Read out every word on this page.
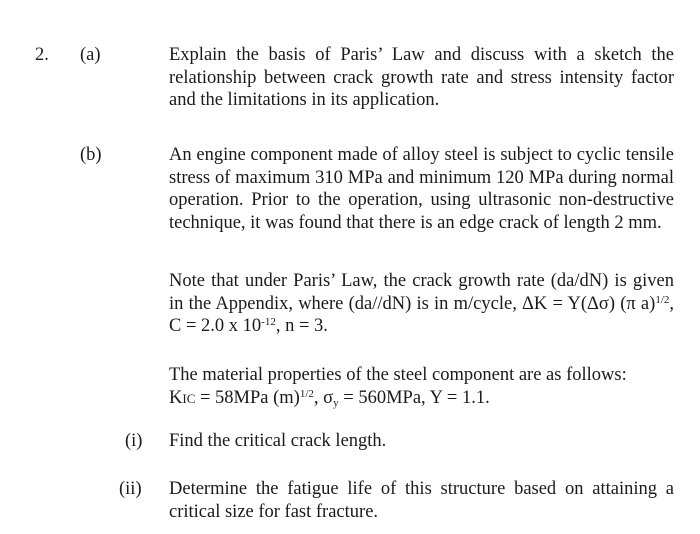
2. (a)	Explain the basis of Paris’ Law and discuss with a sketch the relationship between crack growth rate and stress intensity factor and the limitations in its application.
(b)	An engine component made of alloy steel is subject to cyclic tensile stress of maximum 310 MPa and minimum 120 MPa during normal operation. Prior to the operation, using ultrasonic non-destructive technique, it was found that there is an edge crack of length 2 mm.
Note that under Paris’ Law, the crack growth rate (da/dN) is given in the Appendix, where (da//dN) is in m/cycle, ΔK = Y(Δσ) (π a)$^{1/2}$, C = 2.0 x $10^{-12}$, n = 3.
The material properties of the steel component are as follows:
KIC = 58MPa $(m)^{1/2}$, $\sigma_y = 560MPa$, Y = 1.1.
(i) Find the critical crack length.
(ii) Determine the fatigue life of this structure based on attaining a critical size for fast fracture.
